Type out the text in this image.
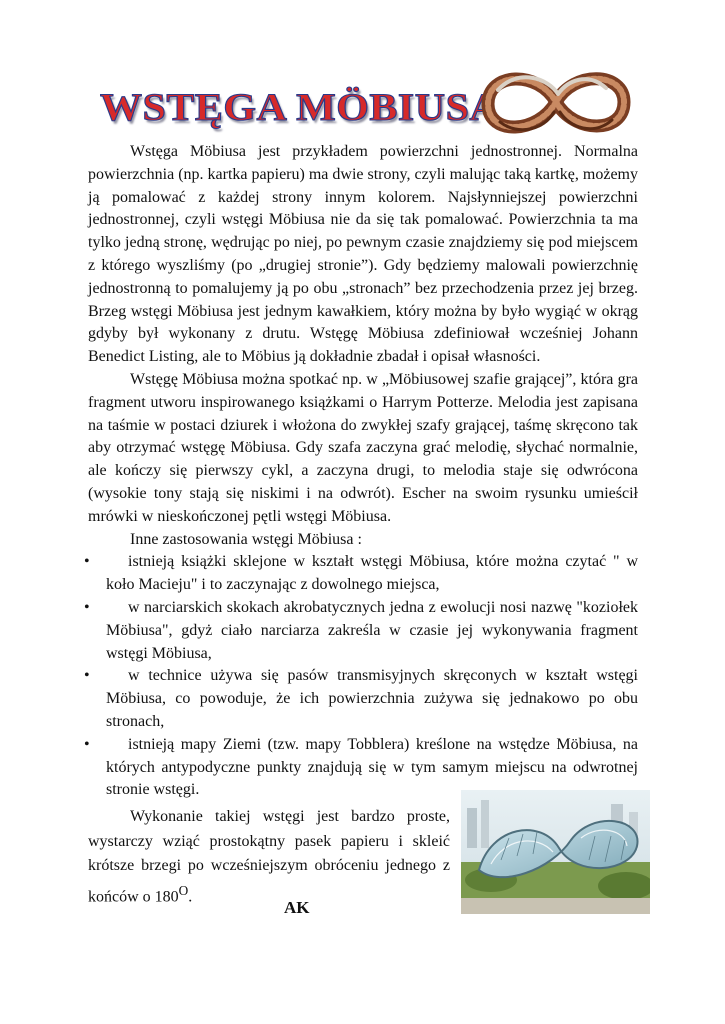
WSTĘGA MÖBIUSA

Wstęga Möbiusa jest przykładem powierzchni jednostronnej. Normalna powierzchnia (np. kartka papieru) ma dwie strony, czyli malując taką kartkę, możemy ją pomalować z każdej strony innym kolorem. Najsłynniejszej powierzchni jednostronnej, czyli wstęgi Möbiusa nie da się tak pomalować. Powierzchnia ta ma tylko jedną stronę, wędrując po niej, po pewnym czasie znajdziemy się pod miejscem z którego wyszliśmy (po „drugiej stronie”). Gdy będziemy malowali powierzchnię jednostronną to pomalujemy ją po obu „stronach” bez przechodzenia przez jej brzeg. Brzeg wstęgi Möbiusa jest jednym kawałkiem, który można by było wygiąć w okrąg gdyby był wykonany z drutu. Wstęgę Möbiusa zdefiniował wcześniej Johann Benedict Listing, ale to Möbius ją dokładnie zbadał i opisał własności.

Wstęgę Möbiusa można spotkać np. w „Möbiusowej szafie grającej”, która gra fragment utworu inspirowanego książkami o Harrym Potterze. Melodia jest zapisana na taśmie w postaci dziurek i włożona do zwykłej szafy grającej, taśmę skręcono tak aby otrzymać wstęgę Möbiusa. Gdy szafa zaczyna grać melodię, słychać normalnie, ale kończy się pierwszy cykl, a zaczyna drugi, to melodia staje się odwrócona (wysokie tony stają się niskimi i na odwrót). Escher na swoim rysunku umieścił mrówki w nieskończonej pętli wstęgi Möbiusa.

Inne zastosowania wstęgi Möbiusa :

• istnieją książki sklejone w kształt wstęgi Möbiusa, które można czytać " w koło Macieju" i to zaczynając z dowolnego miejsca,
• w narciarskich skokach akrobatycznych jedna z ewolucji nosi nazwę "koziołek Möbiusa", gdyż ciało narciarza zakreśla w czasie jej wykonywania fragment wstęgi Möbiusa,
• w technice używa się pasów transmisyjnych skręconych w kształt wstęgi Möbiusa, co powoduje, że ich powierzchnia zużywa się jednakowo po obu stronach,
• istnieją mapy Ziemi (tzw. mapy Tobblera) kreślone na wstędze Möbiusa, na których antypodyczne punkty znajdują się w tym samym miejscu na odwrotnej stronie wstęgi.

Wykonanie takiej wstęgi jest bardzo proste, wystarczy wziąć prostokątny pasek papieru i skleić krótsze brzegi po wcześniejszym obróceniu jednego z końców o $180^O$.

AK
